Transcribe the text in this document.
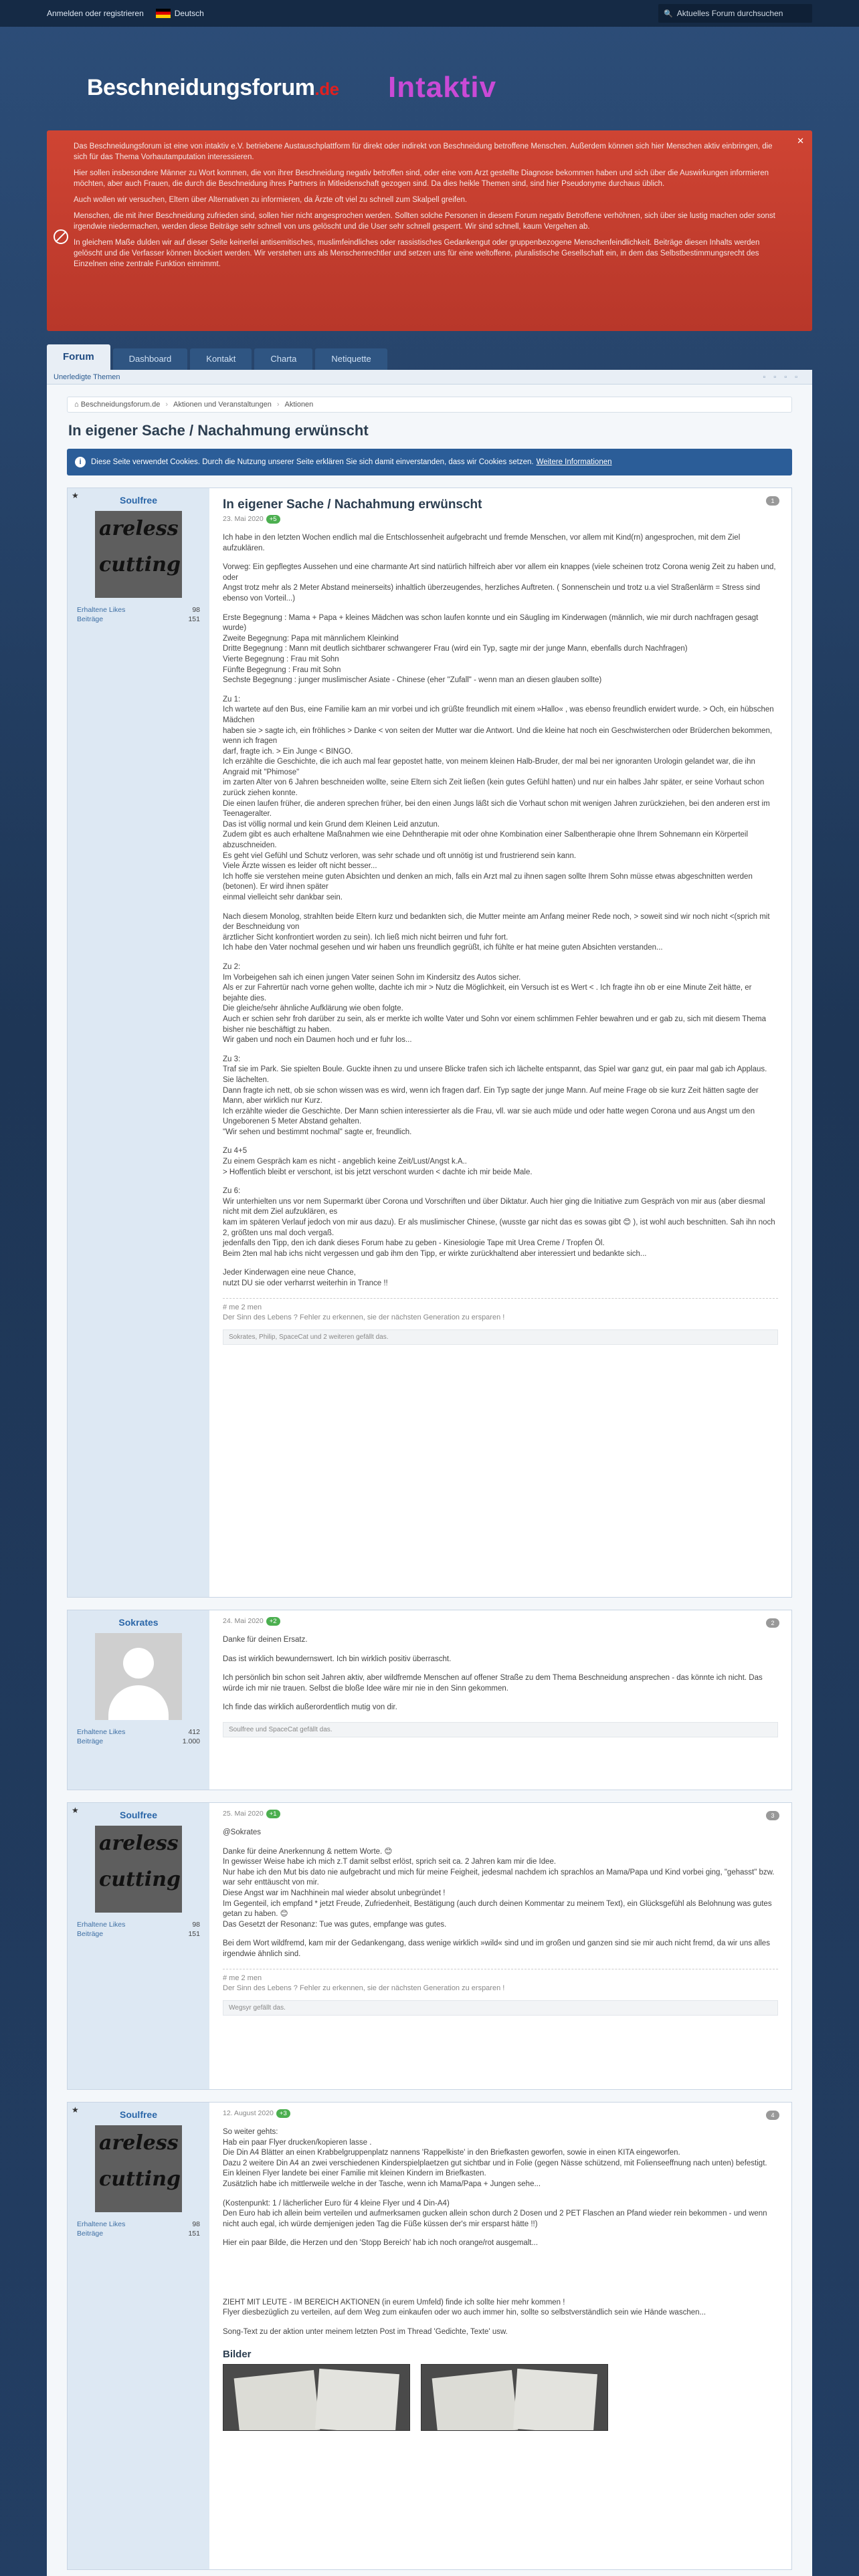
Anmelden oder registrieren	Deutsch	🔍 Aktuelles Forum durchsuchen
Beschneidungsforum.de Intaktiv
✕

Das Beschneidungsforum ist eine von intaktiv e.V. betriebene Austauschplattform für direkt oder indirekt von Beschneidung betroffene Menschen. Außerdem können sich hier Menschen aktiv einbringen, die sich für das Thema Vorhautamputation interessieren.

Hier sollen insbesondere Männer zu Wort kommen, die von ihrer Beschneidung negativ betroffen sind, oder eine vom Arzt gestellte Diagnose bekommen haben und sich über die Auswirkungen informieren möchten, aber auch Frauen, die durch die Beschneidung ihres Partners in Mitleidenschaft gezogen sind. Da dies heikle Themen sind, sind hier Pseudonyme durchaus üblich.

Auch wollen wir versuchen, Eltern über Alternativen zu informieren, da Ärzte oft viel zu schnell zum Skalpell greifen.

Menschen, die mit ihrer Beschneidung zufrieden sind, sollen hier nicht angesprochen werden. Sollten solche Personen in diesem Forum negativ Betroffene verhöhnen, sich über sie lustig machen oder sonst irgendwie niedermachen, werden diese Beiträge sehr schnell von uns gelöscht und die User sehr schnell gesperrt. Wir sind schnell, kaum Vergehen ab.

In gleichem Maße dulden wir auf dieser Seite keinerlei antisemitisches, muslimfeindliches oder rassistisches Gedankengut oder gruppenbezogene Menschenfeindlichkeit. Beiträge diesen Inhalts werden gelöscht und die Verfasser können blockiert werden. Wir verstehen uns als Menschenrechtler und setzen uns für eine weltoffene, pluralistische Gesellschaft ein, in dem das Selbstbestimmungsrecht des Einzelnen eine zentrale Funktion einnimmt.

Forum	Dashboard	Kontakt	Charta	Netiquette
Unerledigte Themen	▫▫▫▫
⌂
Beschneidungsforum.de › Aktionen und Veranstaltungen › Aktionen
In eigener Sache / Nachahmung erwünscht
i	Diese Seite verwendet Cookies. Durch die Nutzung unserer Seite erklären Sie sich damit einverstanden, dass wir Cookies setzen. Weitere Informationen
★	Soulfree
areless
cutting
Erhaltene Likes	98
Beiträge	151
1
In eigener Sache / Nachahmung erwünscht
23. Mai 2020 +5

Ich habe in den letzten Wochen endlich mal die Entschlossenheit aufgebracht und fremde Menschen, vor allem mit Kind(rn) angesprochen, mit dem Ziel aufzuklären.

Vorweg: Ein gepflegtes Aussehen und eine charmante Art sind natürlich hilfreich aber vor allem ein knappes (viele scheinen trotz Corona wenig Zeit zu haben und, oder
Angst trotz mehr als 2 Meter Abstand meinerseits) inhaltlich überzeugendes, herzliches Auftreten. ( Sonnenschein und trotz u.a viel Straßenlärm = Stress sind ebenso von Vorteil...)

Erste Begegnung : Mama + Papa + kleines Mädchen was schon laufen konnte und ein Säugling im Kinderwagen (männlich, wie mir durch nachfragen gesagt wurde)
Zweite Begegnung: Papa mit männlichem Kleinkind
Dritte Begegnung : Mann mit deutlich sichtbarer schwangerer Frau (wird ein Typ, sagte mir der junge Mann, ebenfalls durch Nachfragen)
Vierte Begegnung : Frau mit Sohn
Fünfte Begegnung : Frau mit Sohn
Sechste Begegnung : junger muslimischer Asiate - Chinese (eher "Zufall" - wenn man an diesen glauben sollte)

Zu 1:
Ich wartete auf den Bus, eine Familie kam an mir vorbei und ich grüßte freundlich mit einem »Hallo« , was ebenso freundlich erwidert wurde. > Och, ein hübschen Mädchen
haben sie > sagte ich, ein fröhliches > Danke < von seiten der Mutter war die Antwort. Und die kleine hat noch ein Geschwisterchen oder Brüderchen bekommen, wenn ich fragen
darf, fragte ich. > Ein Junge < BINGO.
Ich erzählte die Geschichte, die ich auch mal fear gepostet hatte, von meinem kleinen Halb-Bruder, der mal bei ner ignoranten Urologin gelandet war, die ihn Angraid mit "Phimose"
im zarten Alter von 6 Jahren beschneiden wollte, seine Eltern sich Zeit ließen (kein gutes Gefühl hatten) und nur ein halbes Jahr später, er seine Vorhaut schon zurück ziehen konnte.
Die einen laufen früher, die anderen sprechen früher, bei den einen Jungs läßt sich die Vorhaut schon mit wenigen Jahren zurückziehen, bei den anderen erst im Teenageralter.
Das ist völlig normal und kein Grund dem Kleinen Leid anzutun.
Zudem gibt es auch erhaltene Maßnahmen wie eine Dehntherapie mit oder ohne Kombination einer Salbentherapie ohne Ihrem Sohnemann ein Körperteil abzuschneiden.
Es geht viel Gefühl und Schutz verloren, was sehr schade und oft unnötig ist und frustrierend sein kann.
Viele Ärzte wissen es leider oft nicht besser...
Ich hoffe sie verstehen meine guten Absichten und denken an mich, falls ein Arzt mal zu ihnen sagen sollte Ihrem Sohn müsse etwas abgeschnitten werden (betonen). Er wird ihnen später
einmal vielleicht sehr dankbar sein.

Nach diesem Monolog, strahlten beide Eltern kurz und bedankten sich, die Mutter meinte am Anfang meiner Rede noch, > soweit sind wir noch nicht <(sprich mit der Beschneidung von
ärztlicher Sicht konfrontiert worden zu sein). Ich ließ mich nicht beirren und fuhr fort.
Ich habe den Vater nochmal gesehen und wir haben uns freundlich gegrüßt, ich fühlte er hat meine guten Absichten verstanden...

Zu 2:
Im Vorbeigehen sah ich einen jungen Vater seinen Sohn im Kindersitz des Autos sicher.
Als er zur Fahrertür nach vorne gehen wollte, dachte ich mir > Nutz die Möglichkeit, ein Versuch ist es Wert < . Ich fragte ihn ob er eine Minute Zeit hätte, er bejahte dies.
Die gleiche/sehr ähnliche Aufklärung wie oben folgte.
Auch er schien sehr froh darüber zu sein, als er merkte ich wollte Vater und Sohn vor einem schlimmen Fehler bewahren und er gab zu, sich mit diesem Thema bisher nie beschäftigt zu haben.
Wir gaben und noch ein Daumen hoch und er fuhr los...

Zu 3:
Traf sie im Park. Sie spielten Boule. Guckte ihnen zu und unsere Blicke trafen sich ich lächelte entspannt, das Spiel war ganz gut, ein paar mal gab ich Applaus. Sie lächelten.
Dann fragte ich nett, ob sie schon wissen was es wird, wenn ich fragen darf. Ein Typ sagte der junge Mann. Auf meine Frage ob sie kurz Zeit hätten sagte der Mann, aber wirklich nur Kurz.
Ich erzählte wieder die Geschichte. Der Mann schien interessierter als die Frau, vll. war sie auch müde und oder hatte wegen Corona und aus Angst um den Ungeborenen 5 Meter Abstand gehalten.
"Wir sehen und bestimmt nochmal" sagte er, freundlich.

Zu 4+5
Zu einem Gespräch kam es nicht - angeblich keine Zeit/Lust/Angst k.A..
> Hoffentlich bleibt er verschont, ist bis jetzt verschont wurden < dachte ich mir beide Male.

Zu 6:
Wir unterhielten uns vor nem Supermarkt über Corona und Vorschriften und über Diktatur. Auch hier ging die Initiative zum Gespräch von mir aus (aber diesmal nicht mit dem Ziel aufzuklären, es
kam im späteren Verlauf jedoch von mir aus dazu). Er als muslimischer Chinese, (wusste gar nicht das es sowas gibt 😊 ), ist wohl auch beschnitten. Sah ihn noch 2, größten uns mal doch vergaß.
jedenfalls den Tipp, den ich dank dieses Forum habe zu geben - Kinesiologie Tape mit Urea Creme / Tropfen Öl.
Beim 2ten mal hab ichs nicht vergessen und gab ihm den Tipp, er wirkte zurückhaltend aber interessiert und bedankte sich...

Jeder Kinderwagen eine neue Chance,
nutzt DU sie oder verharrst weiterhin in Trance !!

# me 2 men
Der Sinn des Lebens ? Fehler zu erkennen, sie der nächsten Generation zu ersparen !
Sokrates, Philip, SpaceCat und 2 weiteren gefällt das.
Sokrates
Erhaltene Likes	412
Beiträge	1.000
2
24. Mai 2020 +2

Danke für deinen Ersatz.

Das ist wirklich bewundernswert. Ich bin wirklich positiv überrascht.

Ich persönlich bin schon seit Jahren aktiv, aber wildfremde Menschen auf offener Straße zu dem Thema Beschneidung ansprechen - das könnte ich nicht. Das würde ich mir nie trauen. Selbst die bloße Idee wäre mir nie in den Sinn gekommen.

Ich finde das wirklich außerordentlich mutig von dir.

Soulfree und SpaceCat gefällt das.
★	Soulfree
areless
cutting
Erhaltene Likes	98
Beiträge	151
3
25. Mai 2020 +1

@Sokrates

Danke für deine Anerkennung & nettem Worte. 😊
In gewisser Weise habe ich mich z.T damit selbst erlöst, sprich seit ca. 2 Jahren kam mir die Idee.
Nur habe ich den Mut bis dato nie aufgebracht und mich für meine Feigheit, jedesmal nachdem ich sprachlos an Mama/Papa und Kind vorbei ging, "gehasst" bzw. war sehr enttäuscht von mir.
Diese Angst war im Nachhinein mal wieder absolut unbegründet !
Im Gegenteil, ich empfand * jetzt Freude, Zufriedenheit, Bestätigung (auch durch deinen Kommentar zu meinem Text), ein Glücksgefühl als Belohnung was gutes getan zu haben. 😊
Das Gesetzt der Resonanz: Tue was gutes, empfange was gutes.

Bei dem Wort wildfremd, kam mir der Gedankengang, dass wenige wirklich »wild« sind und im großen und ganzen sind sie mir auch nicht fremd, da wir uns alles irgendwie ähnlich sind.

# me 2 men
Der Sinn des Lebens ? Fehler zu erkennen, sie der nächsten Generation zu ersparen !
Wegsyr gefällt das.
★	Soulfree
areless
cutting
Erhaltene Likes	98
Beiträge	151
4
12. August 2020 +3

So weiter gehts:
Hab ein paar Flyer drucken/kopieren lasse .
Die Din A4 Blätter an einen Krabbelgruppenplatz nannens 'Rappelkiste' in den Briefkasten geworfen, sowie in einen KITA eingeworfen.
Dazu 2 weitere Din A4 an zwei verschiedenen Kinderspielplaetzen gut sichtbar und in Folie (gegen Nässe schützend, mit Folienseeffnung nach unten) befestigt.
Ein kleinen Flyer landete bei einer Familie mit kleinen Kindern im Briefkasten.
Zusätzlich habe ich mittlerweile welche in der Tasche, wenn ich Mama/Papa + Jungen sehe...

(Kostenpunkt: 1 / lächerlicher Euro für 4 kleine Flyer und 4 Din-A4)
Den Euro hab ich allein beim verteilen und aufmerksamen gucken allein schon durch 2 Dosen und 2 PET Flaschen an Pfand wieder rein bekommen - und wenn nicht auch egal, ich würde demjenigen jeden Tag die Füße küssen der's mir ersparst hätte !!)

Hier ein paar Bilde, die Herzen und den 'Stopp Bereich' hab ich noch orange/rot ausgemalt...

ZIEHT MIT LEUTE - IM BEREICH AKTIONEN (in eurem Umfeld) finde ich sollte hier mehr kommen !
Flyer diesbezüglich zu verteilen, auf dem Weg zum einkaufen oder wo auch immer hin, sollte so selbstverständlich sein wie Hände waschen...

Song-Text zu der aktion unter meinem letzten Post im Thread 'Gedichte, Texte' usw.

Bilder
